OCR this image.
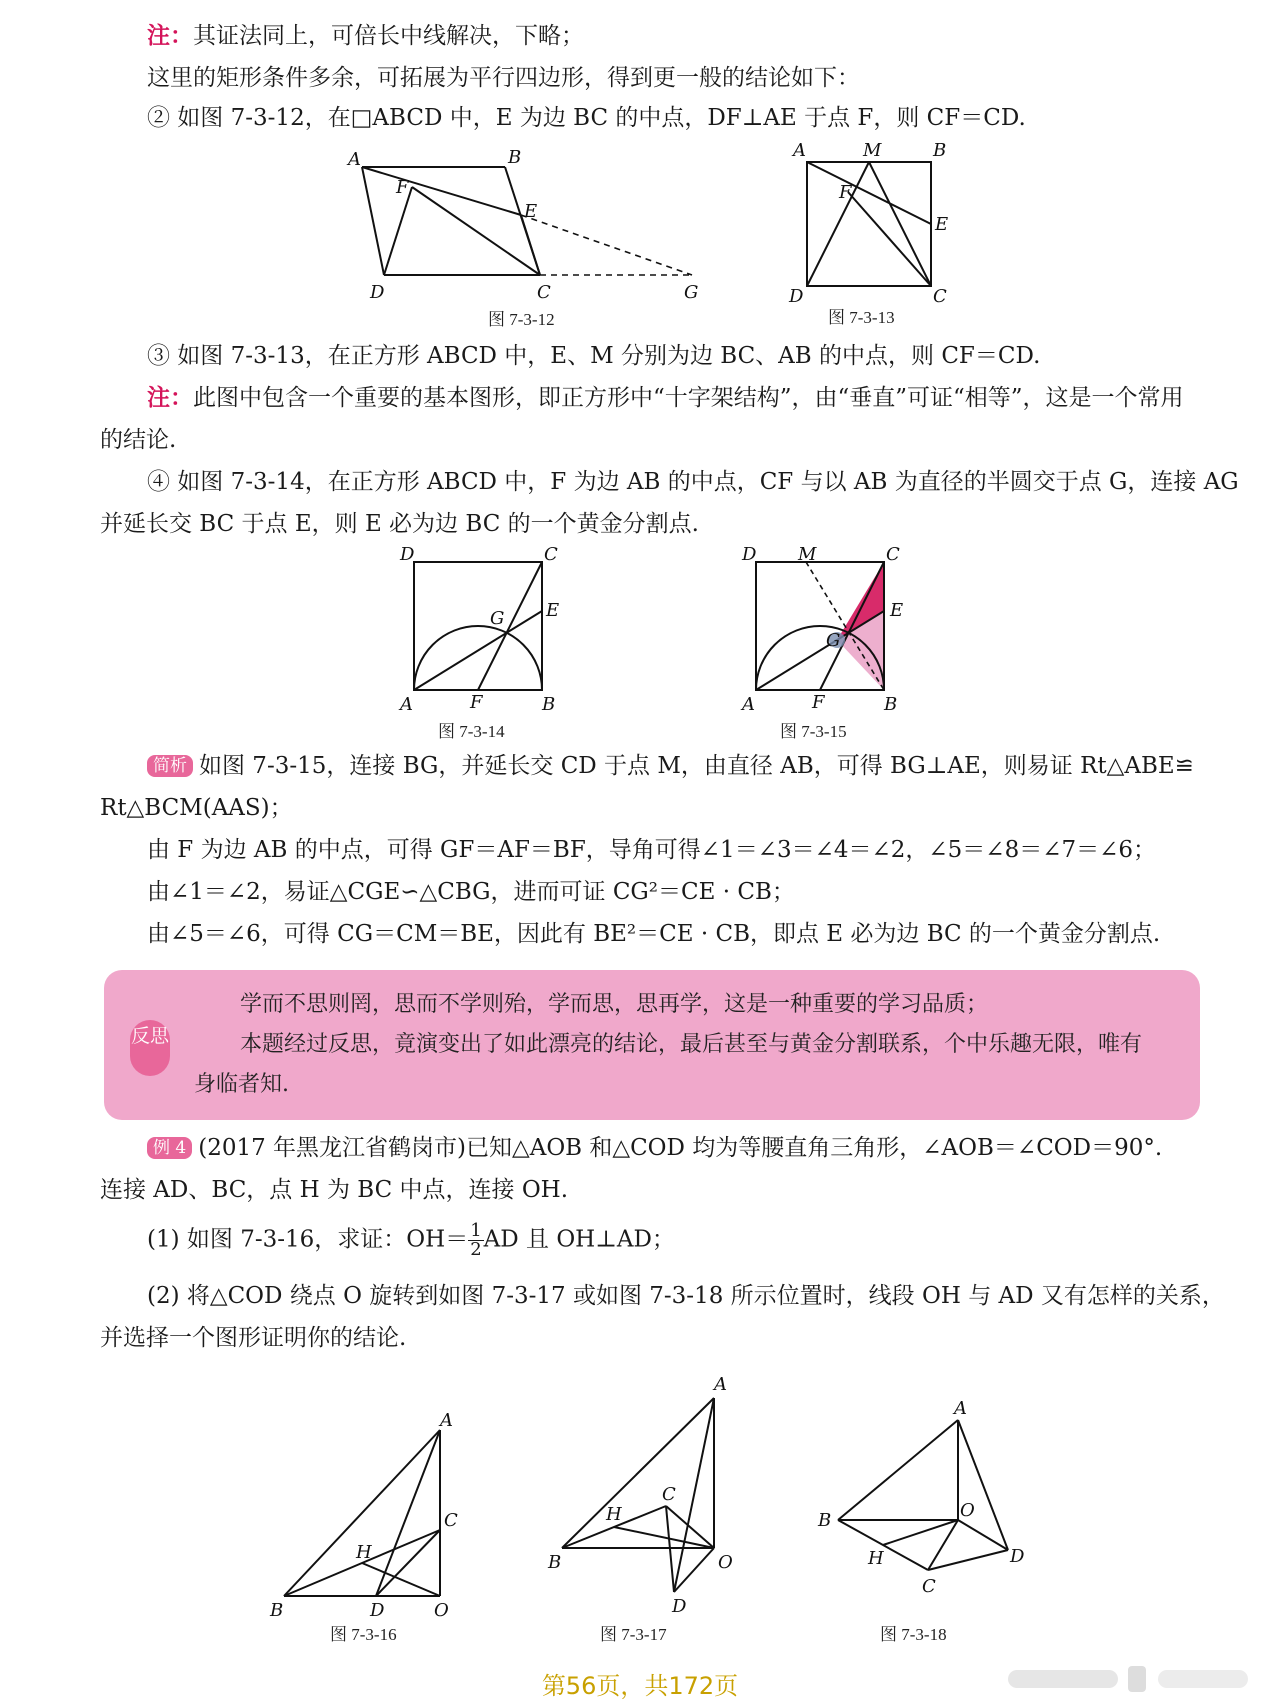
注：其证法同上，可倍长中线解决，下略；
这里的矩形条件多余，可拓展为平行四边形，得到更一般的结论如下：
② 如图 7-3-12，在□ABCD 中，E 为边 BC 的中点，DF⊥AE 于点 F，则 CF＝CD.
A	B
F
E
D	C	G
图 7-3-12
A	M	B
F
E
D	C
图 7-3-13
③ 如图 7-3-13，在正方形 ABCD 中，E、M 分别为边 BC、AB 的中点，则 CF＝CD.
注：此图中包含一个重要的基本图形，即正方形中“十字架结构”，由“垂直”可证“相等”，这是一个常用
的结论.
④ 如图 7-3-14，在正方形 ABCD 中，F 为边 AB 的中点，CF 与以 AB 为直径的半圆交于点 G，连接 AG
并延长交 BC 于点 E，则 E 必为边 BC 的一个黄金分割点.
D	C
G E
A	F	B
图 7-3-14
D M	C
G
E
A	F	B
图 7-3-15
简析 如图 7-3-15，连接 BG，并延长交 CD 于点 M，由直径 AB，可得 BG⊥AE，则易证 Rt△ABE≌
Rt△BCM(AAS)；
由 F 为边 AB 的中点，可得 GF＝AF＝BF，导角可得∠1＝∠3＝∠4＝∠2，∠5＝∠8＝∠7＝∠6；
由∠1＝∠2，易证△CGE∽△CBG，进而可证 CG²＝CE · CB；
由∠5＝∠6，可得 CG＝CM＝BE，因此有 BE²＝CE · CB，即点 E 必为边 BC 的一个黄金分割点.
反思
学而不思则罔，思而不学则殆，学而思，思再学，这是一种重要的学习品质；
本题经过反思，竟演变出了如此漂亮的结论，最后甚至与黄金分割联系，个中乐趣无限，唯有
身临者知.
例 4 (2017 年黑龙江省鹤岗市)已知△AOB 和△COD 均为等腰直角三角形，∠AOB＝∠COD＝90°.
连接 AD、BC，点 H 为 BC 中点，连接 OH.
(1) 如图 7-3-16，求证：$OH= \frac{1}{2}$ AD 且 OH⊥AD；
(2) 将△COD 绕点 O 旋转到如图 7-3-17 或如图 7-3-18 所示位置时，线段 OH 与 AD 又有怎样的关系，
并选择一个图形证明你的结论.
A
C
H
B	D	O
图 7-3-16
A
C
H
B	O
D
图 7-3-17
A
B	O
D
H
C
图 7-3-18
第56页，共172页
